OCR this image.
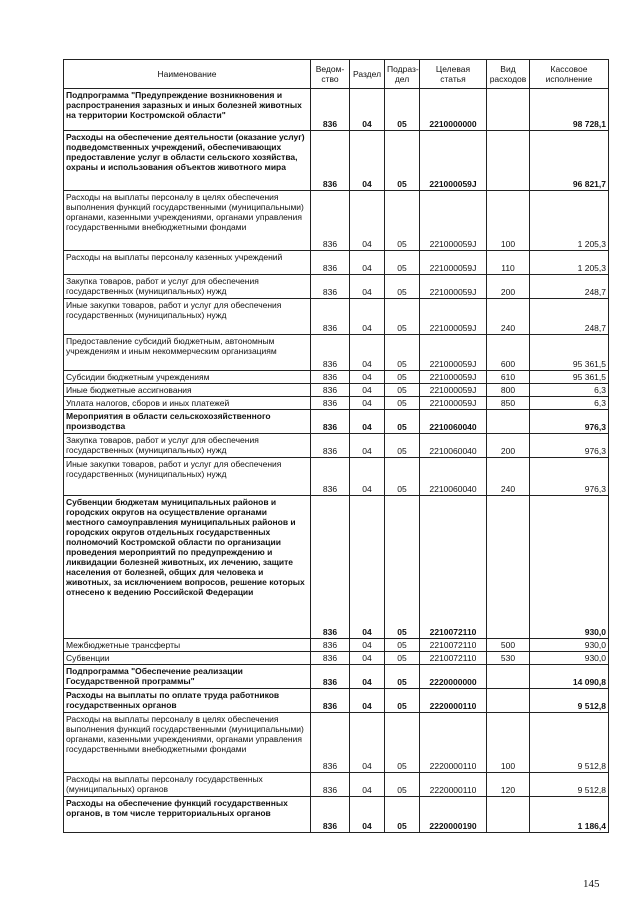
Наименование	Ведом-ство	Раздел	Подраз-дел	Целевая статья	Вид расходов	Кассовое исполнение
Подпрограмма "Предупреждение возникновения и распространения заразных и иных болезней животных на территории Костромской области"	836	04	05	2210000000		98 728,1
Расходы на обеспечение деятельности (оказание услуг) подведомственных учреждений, обеспечивающих предоставление услуг в области сельского хозяйства, охраны и использования объектов животного мира	836	04	05	221000059J		96 821,7
Расходы на выплаты персоналу в целях обеспечения выполнения функций государственными (муниципальными) органами, казенными учреждениями, органами управления государственными внебюджетными фондами	836	04	05	221000059J	100	1 205,3
Расходы на выплаты персоналу казенных учреждений	836	04	05	221000059J	110	1 205,3
Закупка товаров, работ и услуг для обеспечения государственных (муниципальных) нужд	836	04	05	221000059J	200	248,7
Иные закупки товаров, работ и услуг для обеспечения государственных (муниципальных) нужд	836	04	05	221000059J	240	248,7
Предоставление субсидий бюджетным, автономным учреждениям и иным некоммерческим организациям	836	04	05	221000059J	600	95 361,5
Субсидии бюджетным учреждениям	836	04	05	221000059J	610	95 361,5
Иные бюджетные ассигнования	836	04	05	221000059J	800	6,3
Уплата налогов, сборов и иных платежей	836	04	05	221000059J	850	6,3
Мероприятия в области сельскохозяйственного производства	836	04	05	2210060040		976,3
Закупка товаров, работ и услуг для обеспечения государственных (муниципальных) нужд	836	04	05	2210060040	200	976,3
Иные закупки товаров, работ и услуг для обеспечения государственных (муниципальных) нужд	836	04	05	2210060040	240	976,3
Субвенции бюджетам муниципальных районов и городских округов на осуществление органами местного самоуправления муниципальных районов и городских округов отдельных государственных полномочий Костромской области по организации проведения мероприятий по предупреждению и ликвидации болезней животных, их лечению, защите населения от болезней, общих для человека и животных, за исключением вопросов, решение которых отнесено к ведению Российской Федерации	836	04	05	2210072110		930,0
Межбюджетные трансферты	836	04	05	2210072110	500	930,0
Субвенции	836	04	05	2210072110	530	930,0
Подпрограмма "Обеспечение реализации Государственной программы"	836	04	05	2220000000		14 090,8
Расходы на выплаты по оплате труда работников государственных органов	836	04	05	2220000110		9 512,8
Расходы на выплаты персоналу в целях обеспечения выполнения функций государственными (муниципальными) органами, казенными учреждениями, органами управления государственными внебюджетными фондами	836	04	05	2220000110	100	9 512,8
Расходы на выплаты персоналу государственных (муниципальных) органов	836	04	05	2220000110	120	9 512,8
Расходы на обеспечение функций государственных органов, в том числе территориальных органов	836	04	05	2220000190		1 186,4
145
